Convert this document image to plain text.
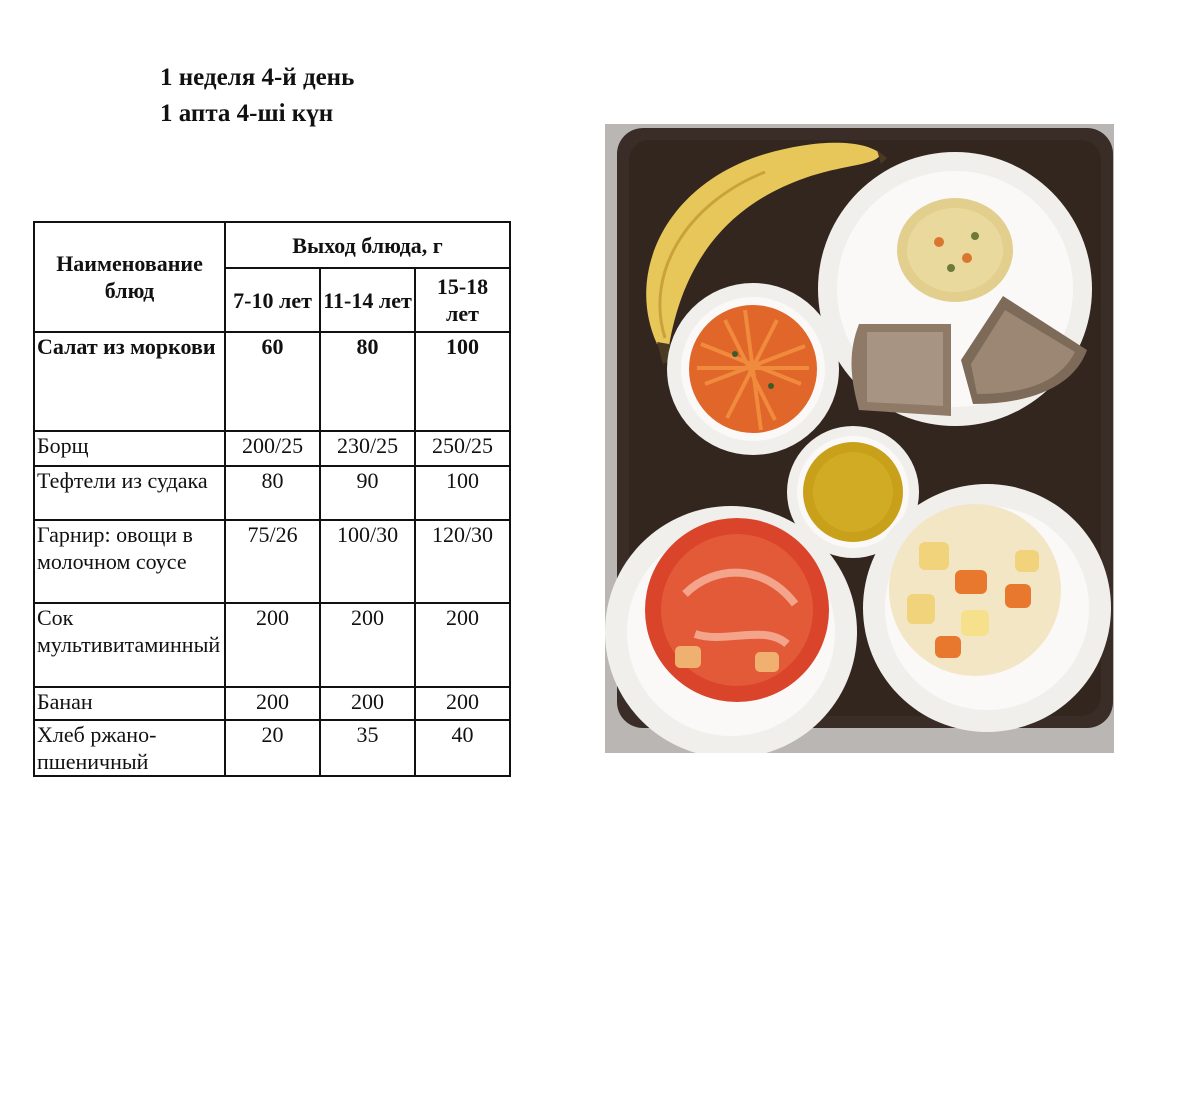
1 неделя 4-й день
1 апта 4-ші күн
Наименование блюд	Выход блюда, г		
	7-10 лет	11-14 лет	15-18 лет
Салат из моркови	60	80	100
Борщ	200/25	230/25	250/25
Тефтели из судака	80	90	100
Гарнир: овощи в молочном соусе	75/26	100/30	120/30
Сок мультивитаминный	200	200	200
Банан	200	200	200
Хлеб ржано-пшеничный	20	35	40
